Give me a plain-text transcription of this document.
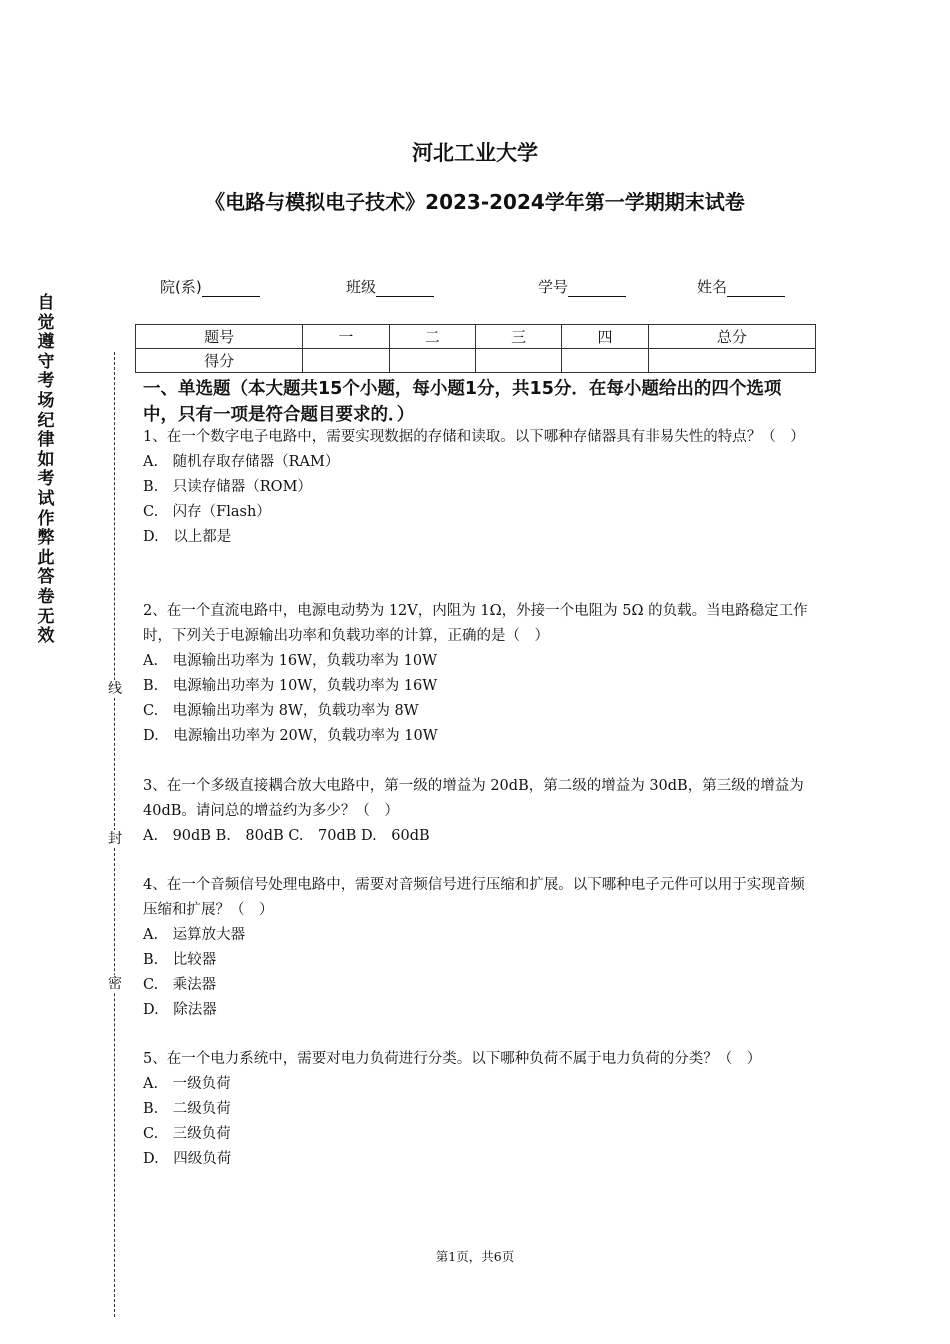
河北工业大学
《电路与模拟电子技术》2023-2024学年第一学期期末试卷
院(系)	班级	学号	姓名
题号	一	二	三	四	总分
得分					
自觉遵守考场纪律如考试作弊此答卷无效
线
封
密
一、单选题（本大题共15个小题，每小题1分，共15分．在每小题给出的四个选项中，只有一项是符合题目要求的．）

1、在一个数字电子电路中，需要实现数据的存储和读取。以下哪种存储器具有非易失性的特点？（　）

A.　随机存取存储器（RAM）

B.　只读存储器（ROM）

C.　闪存（Flash）

D.　以上都是

2、在一个直流电路中，电源电动势为 12V，内阻为 1Ω，外接一个电阻为 5Ω 的负载。当电路稳定工作时，下列关于电源输出功率和负载功率的计算，正确的是（　）

A.　电源输出功率为 16W，负载功率为 10W

B.　电源输出功率为 10W，负载功率为 16W

C.　电源输出功率为 8W，负载功率为 8W

D.　电源输出功率为 20W，负载功率为 10W

3、在一个多级直接耦合放大电路中，第一级的增益为 20dB，第二级的增益为 30dB，第三级的增益为 40dB。请问总的增益约为多少？（　）

A.　90dB B.　80dB C.　70dB D.　60dB

4、在一个音频信号处理电路中，需要对音频信号进行压缩和扩展。以下哪种电子元件可以用于实现音频压缩和扩展？（　）

A.　运算放大器

B.　比较器

C.　乘法器

D.　除法器

5、在一个电力系统中，需要对电力负荷进行分类。以下哪种负荷不属于电力负荷的分类？（　）

A.　一级负荷

B.　二级负荷

C.　三级负荷

D.　四级负荷

第1页，共6页
